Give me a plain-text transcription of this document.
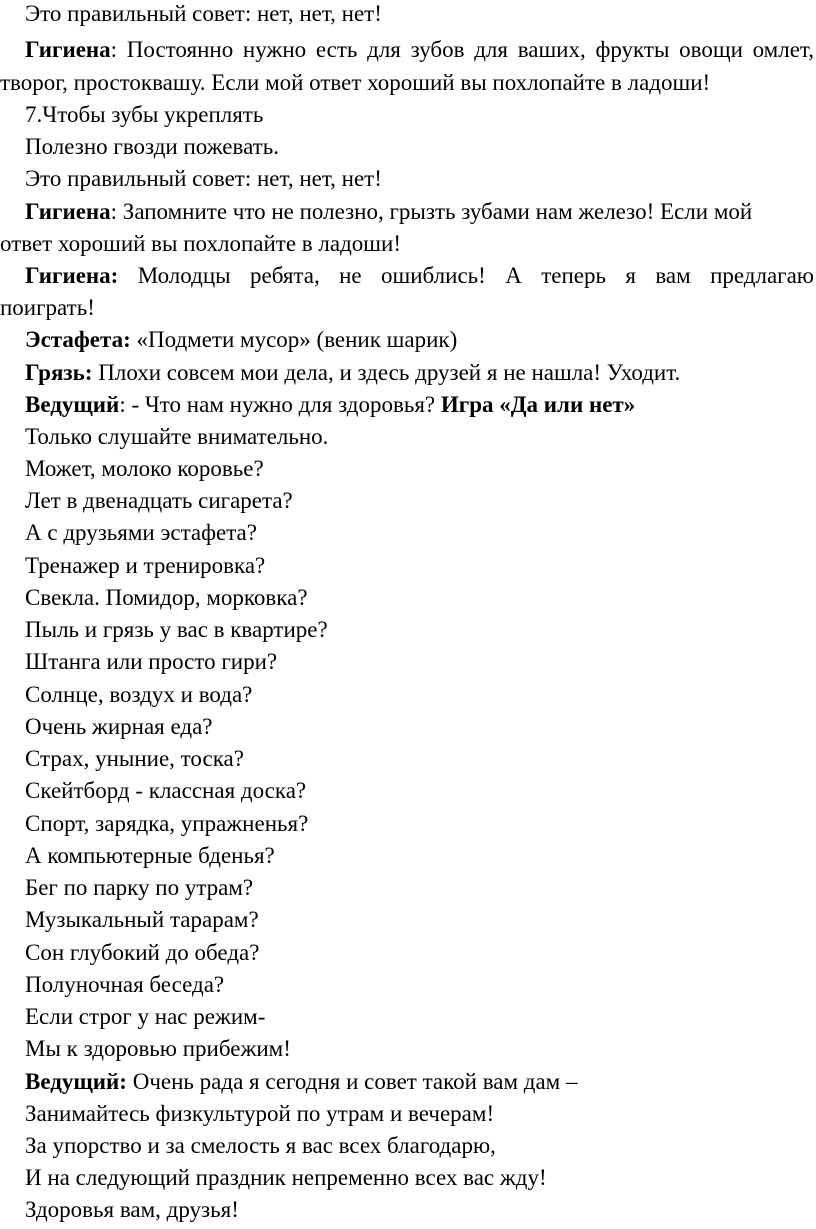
Это правильный совет: нет, нет, нет!
Гигиена: Постоянно нужно есть для зубов для ваших, фрукты овощи омлет,
творог, простоквашу. Если мой ответ хороший вы похлопайте в ладоши!
7.Чтобы зубы укреплять
Полезно гвозди пожевать.
Это правильный совет: нет, нет, нет!
Гигиена: Запомните что не полезно, грызть зубами нам железо! Если мой
ответ хороший вы похлопайте в ладоши!
Гигиена: Молодцы ребята, не ошиблись! А теперь я вам предлагаю
поиграть!
Эстафета: «Подмети мусор» (веник шарик)
Грязь: Плохи совсем мои дела, и здесь друзей я не нашла! Уходит.
Ведущий: - Что нам нужно для здоровья? Игра «Да или нет»
Только слушайте внимательно.
Может, молоко коровье?
Лет в двенадцать сигарета?
А с друзьями эстафета?
Тренажер и тренировка?
Свекла. Помидор, морковка?
Пыль и грязь у вас в квартире?
Штанга или просто гири?
Солнце, воздух и вода?
Очень жирная еда?
Страх, уныние, тоска?
Скейтборд - классная доска?
Спорт, зарядка, упражненья?
А компьютерные бденья?
Бег по парку по утрам?
Музыкальный тарарам?
Сон глубокий до обеда?
Полуночная беседа?
Если строг у нас режим-
Мы к здоровью прибежим!
Ведущий: Очень рада я сегодня и совет такой вам дам –
Занимайтесь физкультурой по утрам и вечерам!
За упорство и за смелость я вас всех благодарю,
И на следующий праздник непременно всех вас жду!
Здоровья вам, друзья!
